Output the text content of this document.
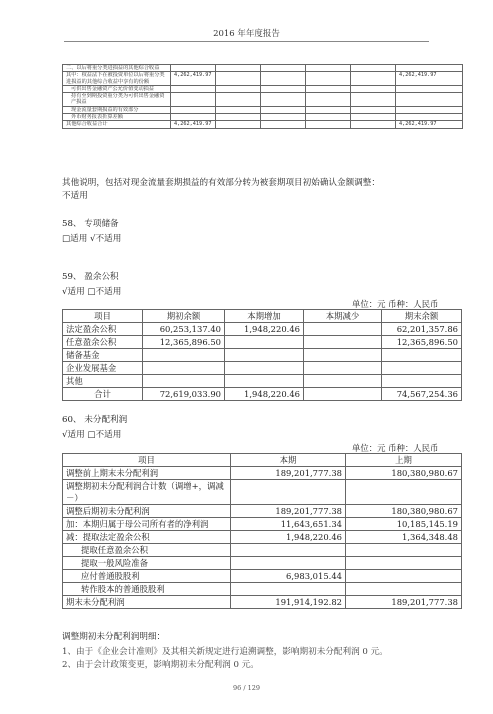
2016 年年度报告
二、以后将重分类进损益的其他综合收益						
其中：权益法下在被投资单位以后将重分类进损益的其他综合收益中享有的份额	4,262,419.97					4,262,419.97
可供出售金融资产公允价值变动损益						
持有至到期投资重分类为可供出售金融资产损益						
现金流量套期损益的有效部分						
外币财务报表折算差额						
其他综合收益合计	4,262,419.97					4,262,419.97
其他说明，包括对现金流量套期损益的有效部分转为被套期项目初始确认金额调整：
不适用
58、 专项储备
□适用 √不适用
59、 盈余公积
√适用 □不适用
单位：元 币种：人民币
项目	期初余额	本期增加	本期减少	期末余额
法定盈余公积	60,253,137.40	1,948,220.46		62,201,357.86
任意盈余公积	12,365,896.50			12,365,896.50
储备基金				
企业发展基金				
其他				
合计	72,619,033.90	1,948,220.46		74,567,254.36
60、 未分配利润
√适用 □不适用
单位：元 币种：人民币
项目	本期	上期
调整前上期末未分配利润	189,201,777.38	180,380,980.67
调整期初未分配利润合计数（调增+，调减－）		
调整后期初未分配利润	189,201,777.38	180,380,980.67
加：本期归属于母公司所有者的净利润	11,643,651.34	10,185,145.19
减：提取法定盈余公积	1,948,220.46	1,364,348.48
提取任意盈余公积		
提取一般风险准备		
应付普通股股利	6,983,015.44	
转作股本的普通股股利		
期末未分配利润	191,914,192.82	189,201,777.38
调整期初未分配利润明细：
1、由于《企业会计准则》及其相关新规定进行追溯调整，影响期初未分配利润 0 元。
2、由于会计政策变更，影响期初未分配利润 0 元。
96 / 129
